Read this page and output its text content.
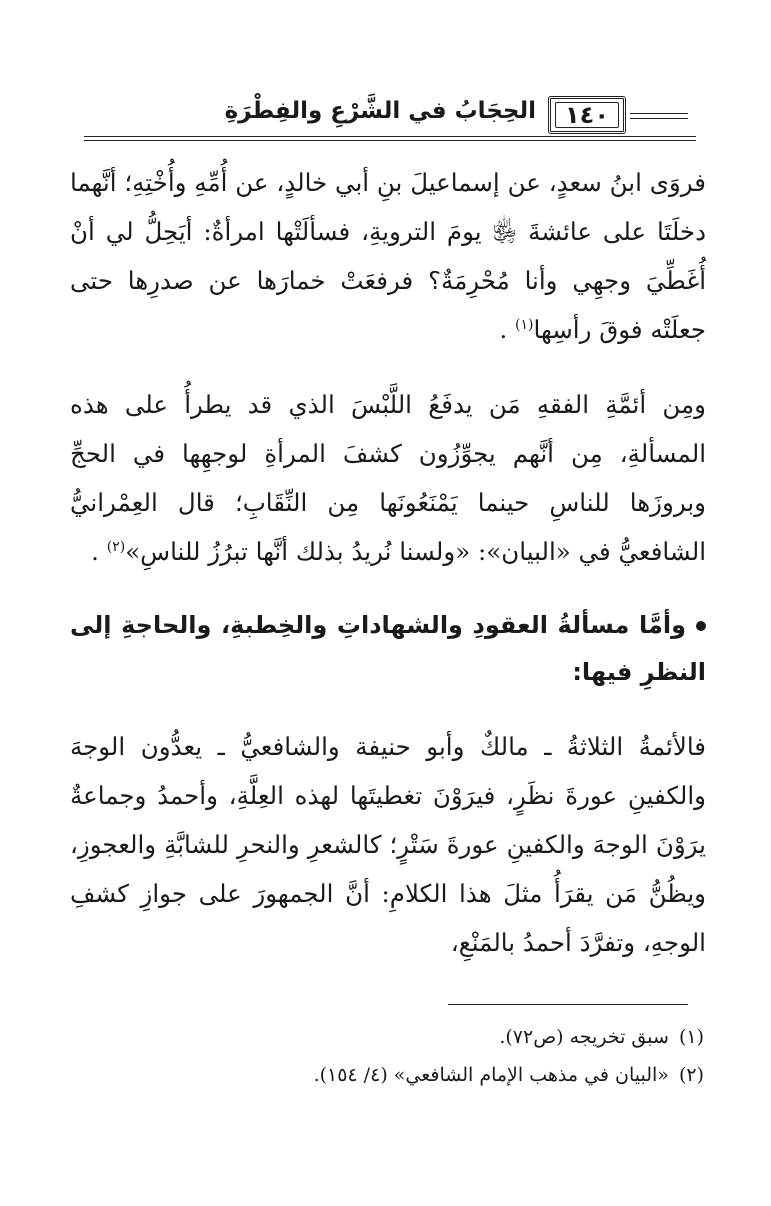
الحِجَابُ في الشَّرْعِ والفِطْرَةِ ١٤٠

فروَى ابنُ سعدٍ، عن إسماعيلَ بنِ أبي خالدٍ، عن أُمِّهِ وأُخْتِهِ؛ أنَّهما دخلَتَا على عائشةَ ﵂ يومَ الترويةِ، فسألَتْها امرأةٌ: أيَحِلُّ لي أنْ أُغَطِّيَ وجهِي وأنا مُحْرِمَةٌ؟ فرفعَتْ خمارَها عن صدرِها حتى جعلَتْه فوقَ رأسِها$^{(١)}$ .

ومِن أئمَّةِ الفقهِ مَن يدفَعُ اللَّبْسَ الذي قد يطرأُ على هذه المسألةِ، مِن أنَّهم يجوِّزُون كشفَ المرأةِ لوجهِها في الحجِّ وبروزَها للناسِ حينما يَمْنَعُونَها مِن النِّقَابِ؛ قال العِمْرانيُّ الشافعيُّ في «البيان»: «ولسنا نُريدُ بذلك أنَّها تبرُزُ للناسِ»$^{(٢)}$ .

وأمَّا مسألةُ العقودِ والشهاداتِ والخِطبةِ، والحاجةِ إلى النظرِ فيها:

فالأئمةُ الثلاثةُ ـ مالكٌ وأبو حنيفة والشافعيُّ ـ يعدُّون الوجهَ والكفينِ عورةَ نظَرٍ، فيرَوْنَ تغطيتَها لهذه العِلَّةِ، وأحمدُ وجماعةٌ يرَوْنَ الوجهَ والكفينِ عورةَ سَتْرٍ؛ كالشعرِ والنحرِ للشابَّةِ والعجوزِ، ويظُنُّ مَن يقرَأُ مثلَ هذا الكلامِ: أنَّ الجمهورَ على جوازِ كشفِ الوجهِ، وتفرَّدَ أحمدُ بالمَنْعِ،

(١)سبق تخريجه (ص٧٢).

(٢)«البيان في مذهب الإمام الشافعي» (٤/ ١٥٤).
